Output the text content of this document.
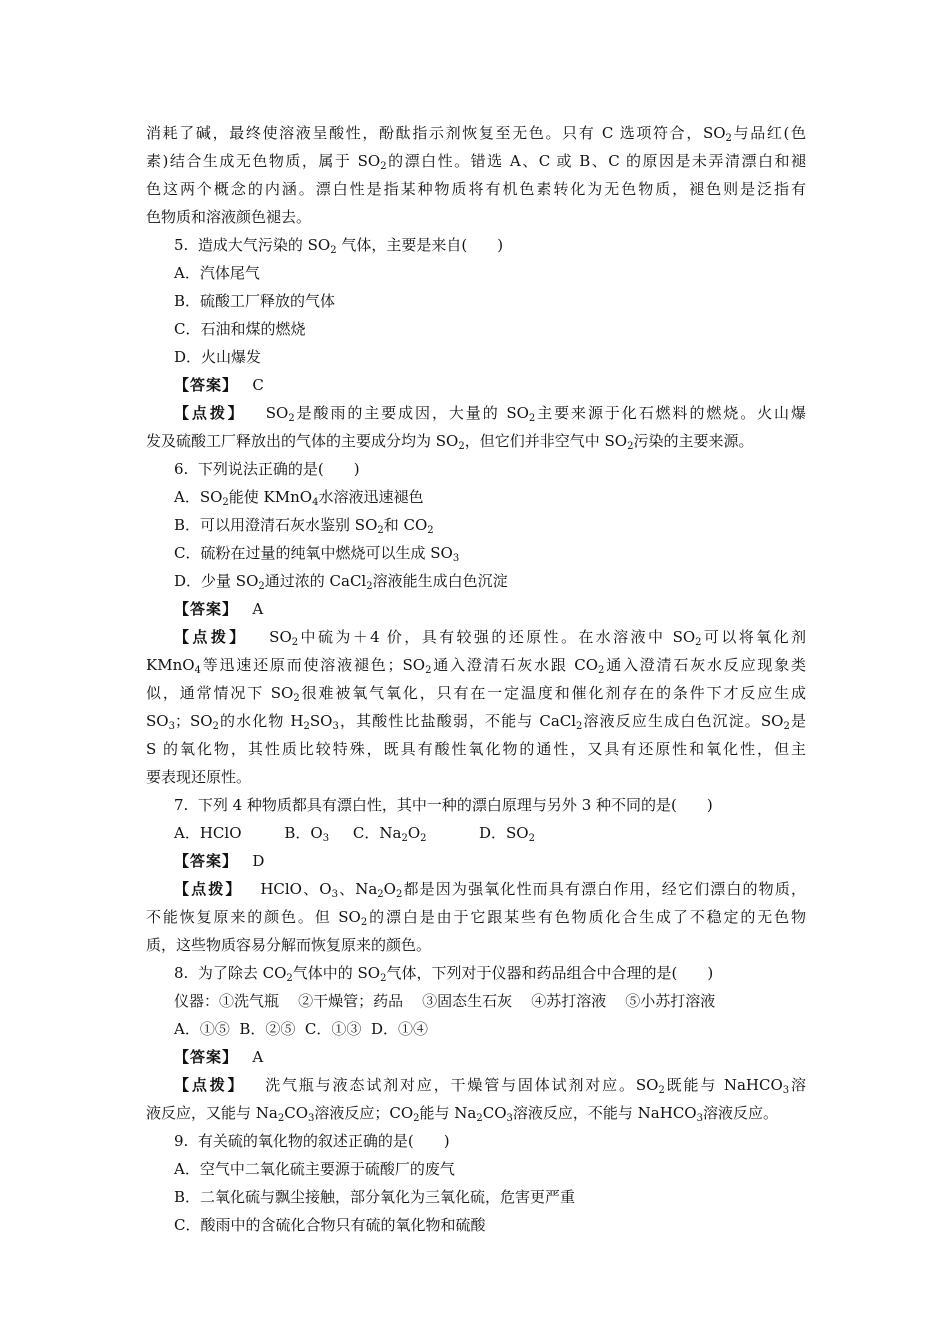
消耗了碱，最终使溶液呈酸性，酚酞指示剂恢复至无色。只有 C 选项符合，$SO_2$与品红(色
素)结合生成无色物质，属于 $SO_2$的漂白性。错选 A、C 或 B、C 的原因是未弄清漂白和褪
色这两个概念的内涵。漂白性是指某种物质将有机色素转化为无色物质，褪色则是泛指有
色物质和溶液颜色褪去。
5.  造成大气污染的 $SO_2$ 气体，主要是来自(　　)
A．汽体尾气
B．硫酸工厂释放的气体
C．石油和煤的燃烧
D．火山爆发
【答案】   C
【点拨】   $SO_2$是酸雨的主要成因，大量的 $SO_2$主要来源于化石燃料的燃烧。火山爆
发及硫酸工厂释放出的气体的主要成分均为 $SO_2$，但它们并非空气中 $SO_2$污染的主要来源。
6.  下列说法正确的是(　　)
A．$SO_2$能使 KMnO$_4$水溶液迅速褪色
B．可以用澄清石灰水鉴别 $SO_2$和 $CO_2$
C．硫粉在过量的纯氧中燃烧可以生成 $SO_3$
D．少量 $SO_2$通过浓的 CaCl$_2$溶液能生成白色沉淀
【答案】   A
【点拨】   $SO_2$中硫为＋4 价，具有较强的还原性。在水溶液中 $SO_2$可以将氧化剂
KMnO$_4$等迅速还原而使溶液褪色；$SO_2$通入澄清石灰水跟 $CO_2$通入澄清石灰水反应现象类
似，通常情况下 $SO_2$很难被氧气氧化，只有在一定温度和催化剂存在的条件下才反应生成
$SO_3$；$SO_2$的水化物 $H_2SO_3$，其酸性比盐酸弱，不能与 CaCl$_2$溶液反应生成白色沉淀。$SO_2$是
S 的氧化物，其性质比较特殊，既具有酸性氧化物的通性，又具有还原性和氧化性，但主
要表现还原性。
7.  下列 4 种物质都具有漂白性，其中一种的漂白原理与另外 3 种不同的是(　　)
A．HClO         B．$O_3$     C．$Na_2O_2$           D．$SO_2$
【答案】   D
【点拨】   HClO、$O_3$、$Na_2O_2$都是因为强氧化性而具有漂白作用，经它们漂白的物质，
不能恢复原来的颜色。但 $SO_2$的漂白是由于它跟某些有色物质化合生成了不稳定的无色物
质，这些物质容易分解而恢复原来的颜色。
8.  为了除去 $CO_2$气体中的 $SO_2$气体，下列对于仪器和药品组合中合理的是(　　)
仪器：①洗气瓶    ②干燥管；药品    ③固态生石灰    ④苏打溶液    ⑤小苏打溶液
A．①⑤  B．②⑤  C．①③  D．①④
【答案】   A
【点拨】   洗气瓶与液态试剂对应，干燥管与固体试剂对应。$SO_2$既能与 NaHCO$_3$溶
液反应，又能与 $Na_2CO_3$溶液反应；$CO_2$能与 $Na_2CO_3$溶液反应，不能与 NaHCO$_3$溶液反应。
9.  有关硫的氧化物的叙述正确的是(　　)
A．空气中二氧化硫主要源于硫酸厂的废气
B．二氧化硫与飘尘接触，部分氧化为三氧化硫，危害更严重
C．酸雨中的含硫化合物只有硫的氧化物和硫酸
